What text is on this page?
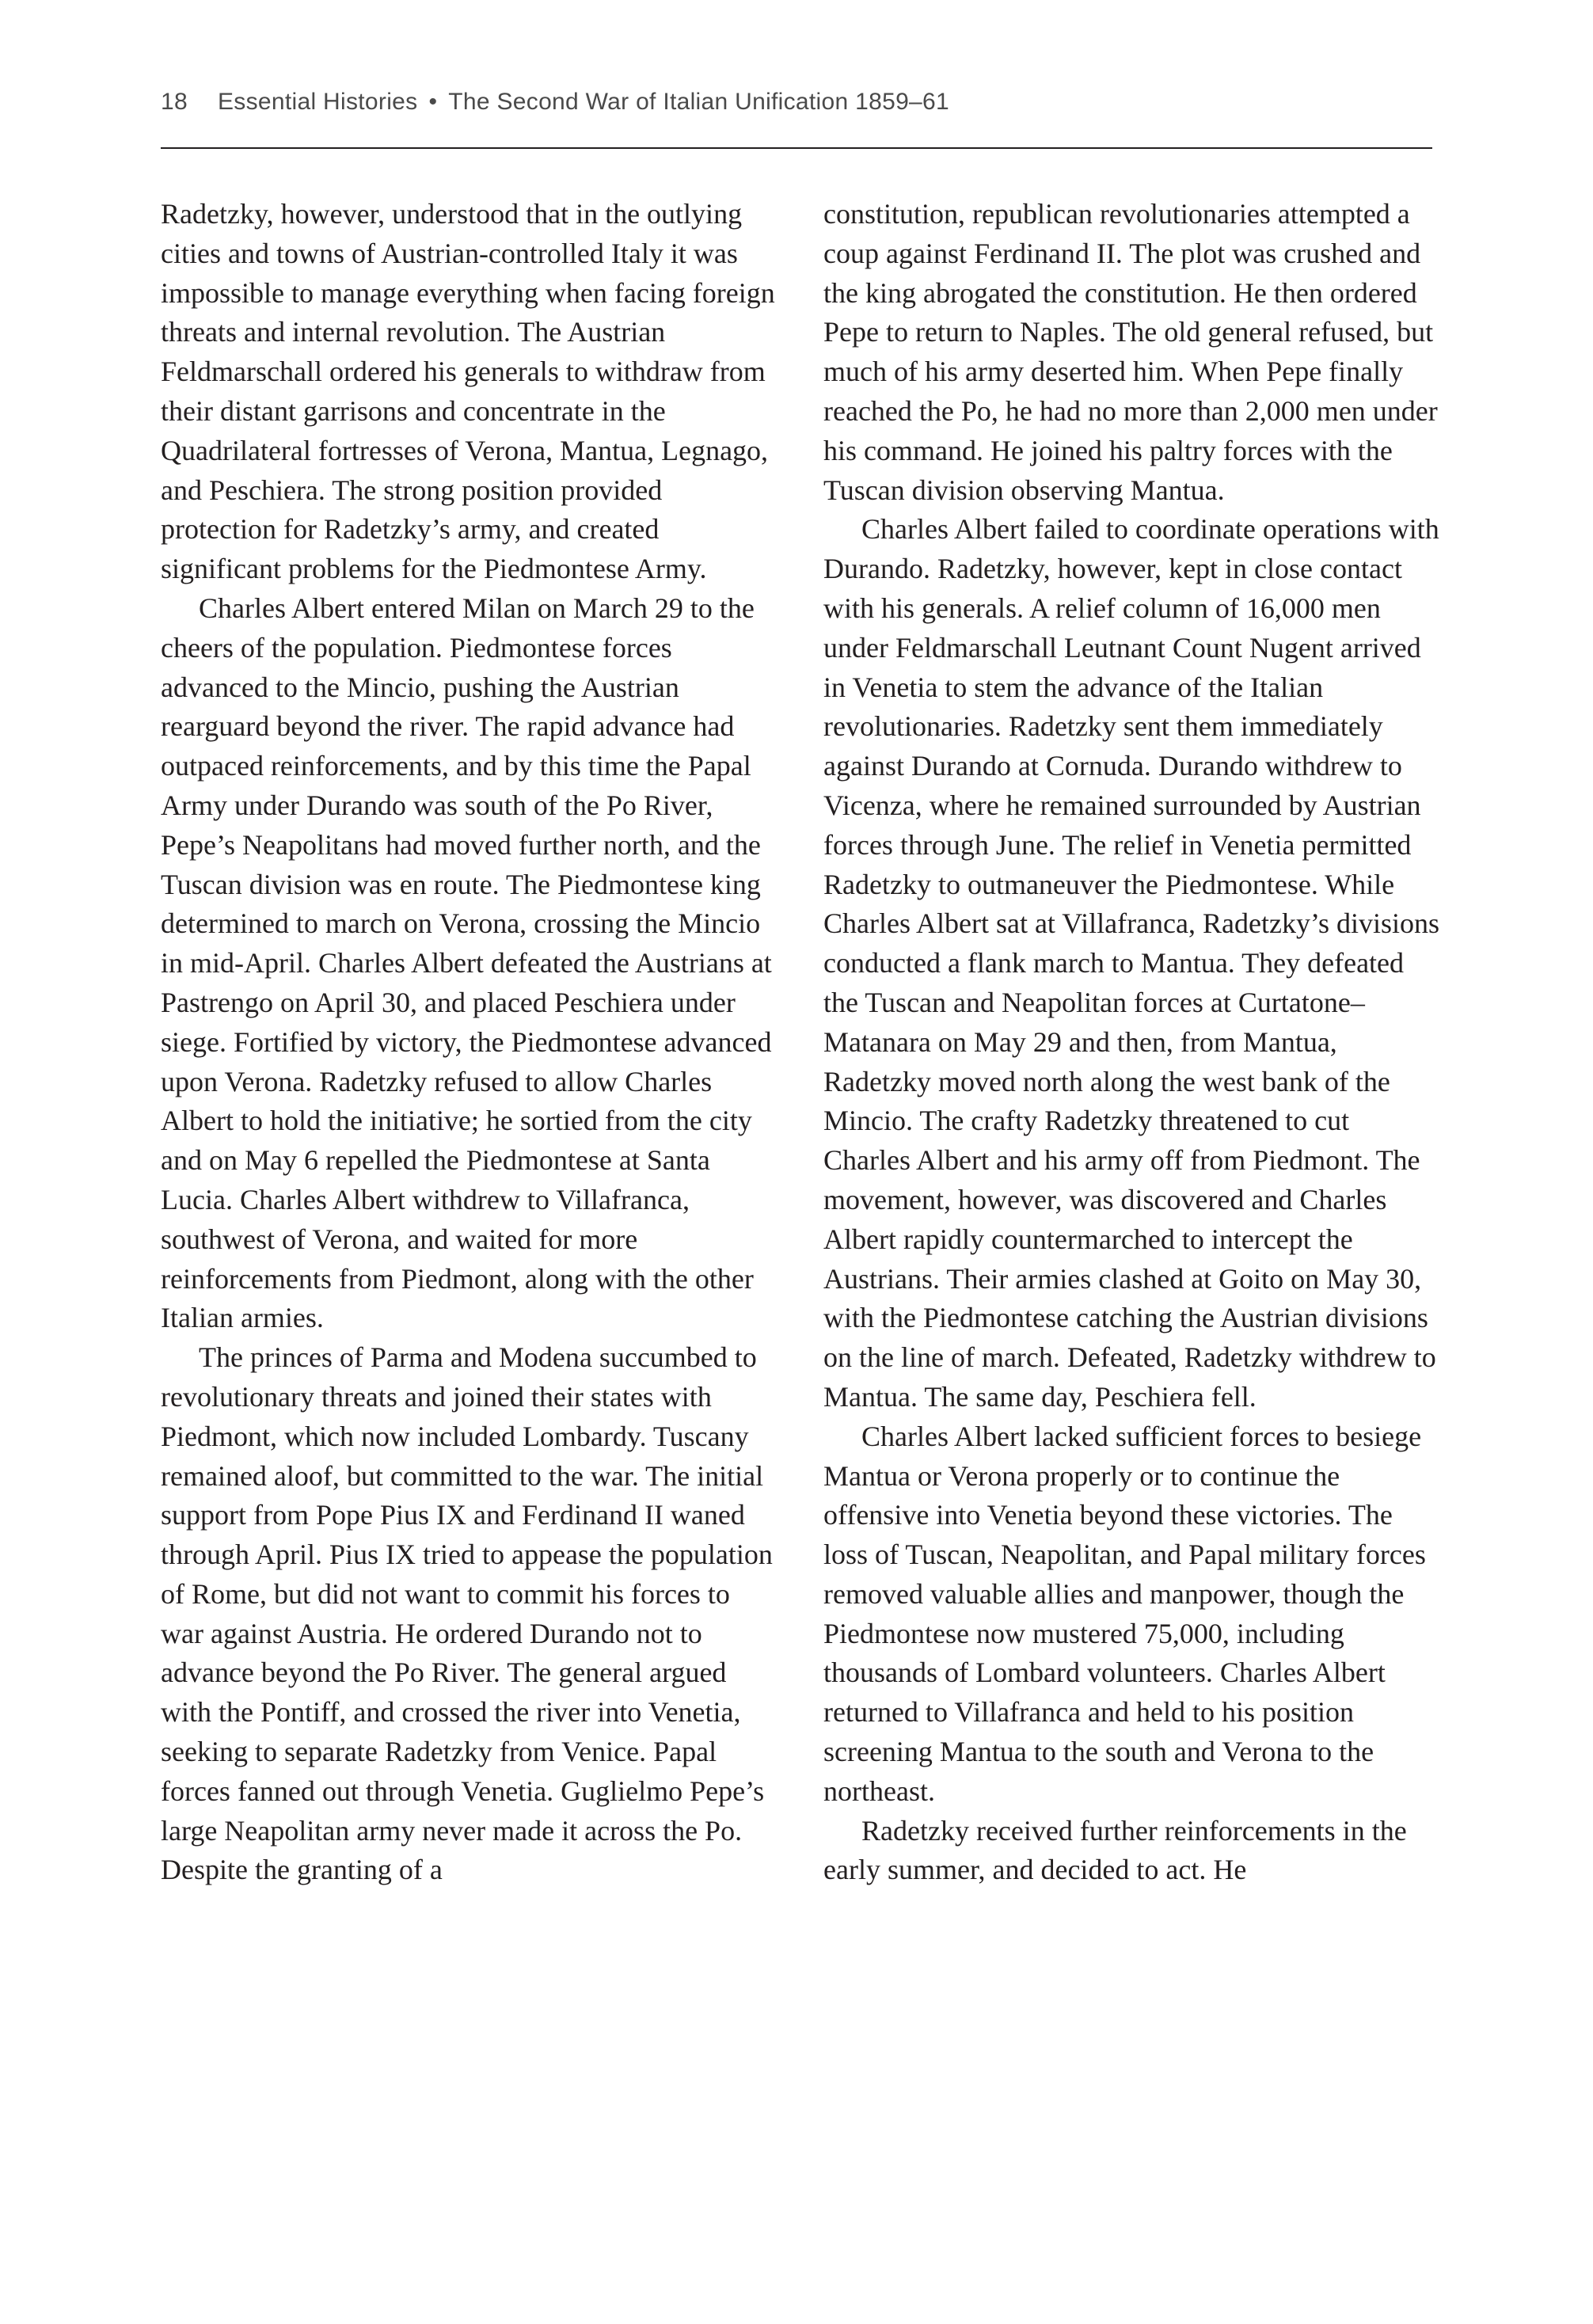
18 Essential Histories • The Second War of Italian Unification 1859–61

Radetzky, however, understood that in the outlying cities and towns of Austrian-controlled Italy it was impossible to manage everything when facing foreign threats and internal revolution. The Austrian Feldmarschall ordered his generals to withdraw from their distant garrisons and concentrate in the Quadrilateral fortresses of Verona, Mantua, Legnago, and Peschiera. The strong position provided protection for Radetzky’s army, and created significant problems for the Piedmontese Army.

Charles Albert entered Milan on March 29 to the cheers of the population. Piedmontese forces advanced to the Mincio, pushing the Austrian rearguard beyond the river. The rapid advance had outpaced reinforcements, and by this time the Papal Army under Durando was south of the Po River, Pepe’s Neapolitans had moved further north, and the Tuscan division was en route. The Piedmontese king determined to march on Verona, crossing the Mincio in mid-April. Charles Albert defeated the Austrians at Pastrengo on April 30, and placed Peschiera under siege. Fortified by victory, the Piedmontese advanced upon Verona. Radetzky refused to allow Charles Albert to hold the initiative; he sortied from the city and on May 6 repelled the Piedmontese at Santa Lucia. Charles Albert withdrew to Villafranca, southwest of Verona, and waited for more reinforcements from Piedmont, along with the other Italian armies.

The princes of Parma and Modena succumbed to revolutionary threats and joined their states with Piedmont, which now included Lombardy. Tuscany remained aloof, but committed to the war. The initial support from Pope Pius IX and Ferdinand II waned through April. Pius IX tried to appease the population of Rome, but did not want to commit his forces to war against Austria. He ordered Durando not to advance beyond the Po River. The general argued with the Pontiff, and crossed the river into Venetia, seeking to separate Radetzky from Venice. Papal forces fanned out through Venetia. Guglielmo Pepe’s large Neapolitan army never made it across the Po. Despite the granting of a

constitution, republican revolutionaries attempted a coup against Ferdinand II. The plot was crushed and the king abrogated the constitution. He then ordered Pepe to return to Naples. The old general refused, but much of his army deserted him. When Pepe finally reached the Po, he had no more than 2,000 men under his command. He joined his paltry forces with the Tuscan division observing Mantua.

Charles Albert failed to coordinate operations with Durando. Radetzky, however, kept in close contact with his generals. A relief column of 16,000 men under Feldmarschall Leutnant Count Nugent arrived in Venetia to stem the advance of the Italian revolutionaries. Radetzky sent them immediately against Durando at Cornuda. Durando withdrew to Vicenza, where he remained surrounded by Austrian forces through June. The relief in Venetia permitted Radetzky to outmaneuver the Piedmontese. While Charles Albert sat at Villafranca, Radetzky’s divisions conducted a flank march to Mantua. They defeated the Tuscan and Neapolitan forces at Curtatone–Matanara on May 29 and then, from Mantua, Radetzky moved north along the west bank of the Mincio. The crafty Radetzky threatened to cut Charles Albert and his army off from Piedmont. The movement, however, was discovered and Charles Albert rapidly countermarched to intercept the Austrians. Their armies clashed at Goito on May 30, with the Piedmontese catching the Austrian divisions on the line of march. Defeated, Radetzky withdrew to Mantua. The same day, Peschiera fell.

Charles Albert lacked sufficient forces to besiege Mantua or Verona properly or to continue the offensive into Venetia beyond these victories. The loss of Tuscan, Neapolitan, and Papal military forces removed valuable allies and manpower, though the Piedmontese now mustered 75,000, including thousands of Lombard volunteers. Charles Albert returned to Villafranca and held to his position screening Mantua to the south and Verona to the northeast.

Radetzky received further reinforcements in the early summer, and decided to act. He
